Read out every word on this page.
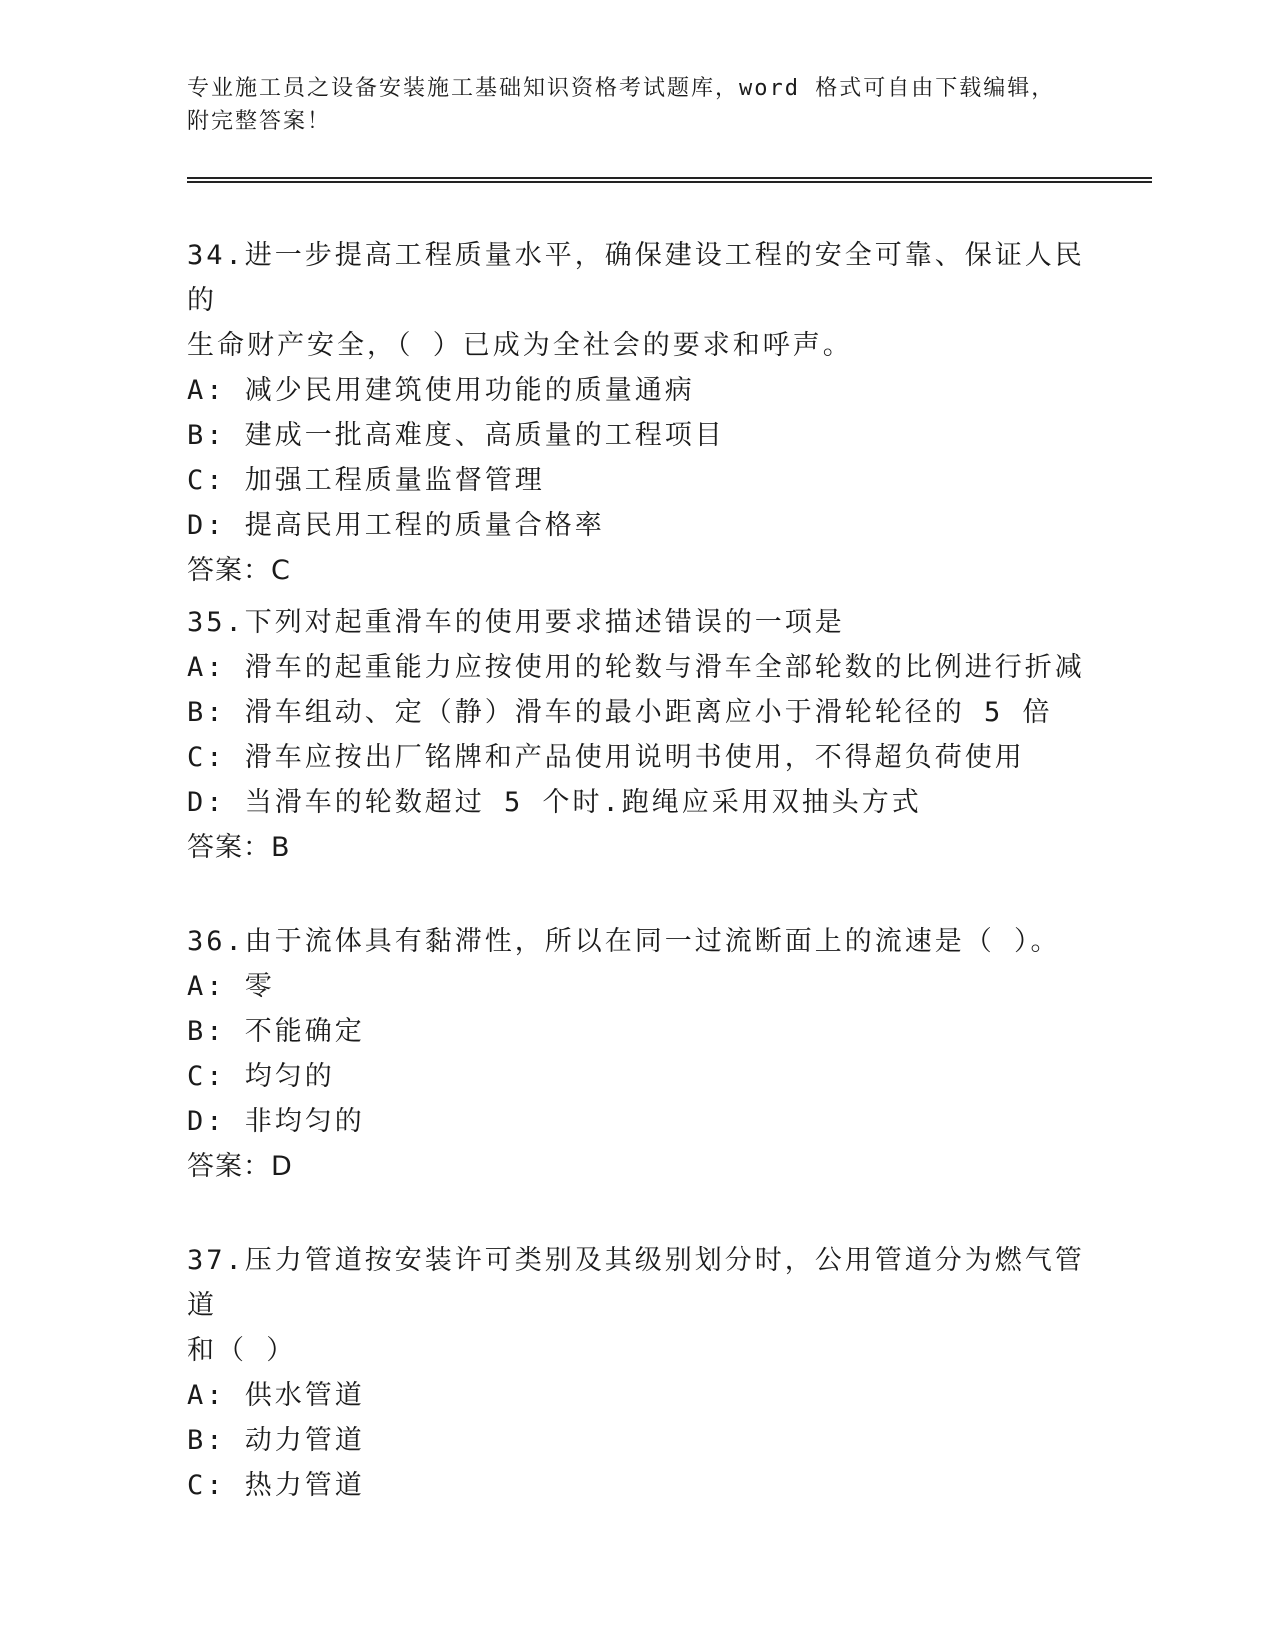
专业施工员之设备安装施工基础知识资格考试题库，word 格式可自由下载编辑，
附完整答案！
34.进一步提高工程质量水平，确保建设工程的安全可靠、保证人民的
生命财产安全，（ ）已成为全社会的要求和呼声。
A: 减少民用建筑使用功能的质量通病
B: 建成一批高难度、高质量的工程项目
C: 加强工程质量监督管理
D: 提高民用工程的质量合格率
答案：C
35.下列对起重滑车的使用要求描述错误的一项是
A: 滑车的起重能力应按使用的轮数与滑车全部轮数的比例进行折减
B: 滑车组动、定（静）滑车的最小距离应小于滑轮轮径的 5 倍
C: 滑车应按出厂铭牌和产品使用说明书使用，不得超负荷使用
D: 当滑车的轮数超过 5 个时.跑绳应采用双抽头方式
答案：B
36.由于流体具有黏滞性，所以在同一过流断面上的流速是（ ）。
A: 零
B: 不能确定
C: 均匀的
D: 非均匀的
答案：D
37.压力管道按安装许可类别及其级别划分时，公用管道分为燃气管道
和（ ）
A: 供水管道
B: 动力管道
C: 热力管道
